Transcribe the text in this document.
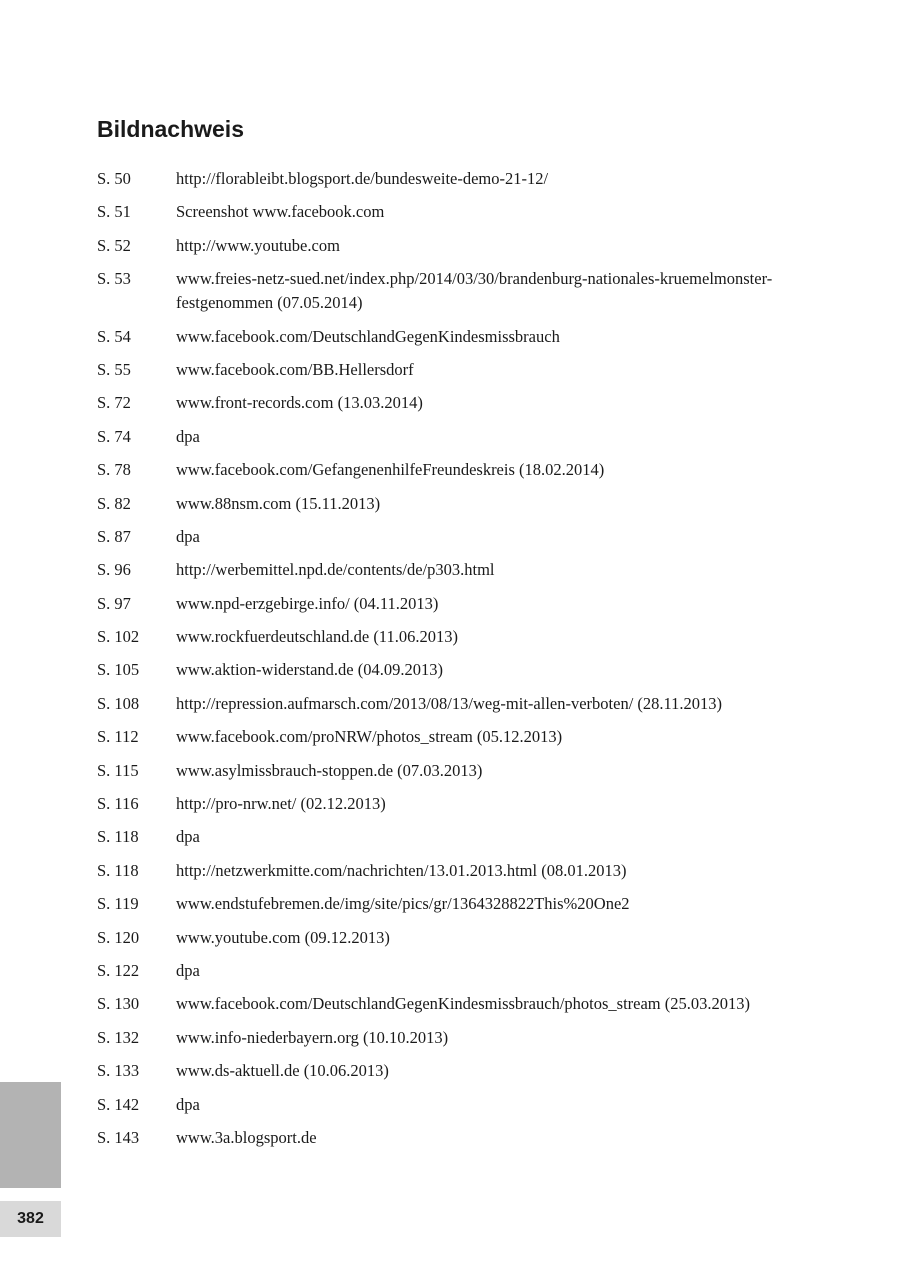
Bildnachweis
S. 50	http://florableibt.blogsport.de/bundesweite-demo-21-12/
S. 51	Screenshot www.facebook.com
S. 52	http://www.youtube.com
S. 53	www.freies-netz-sued.net/index.php/2014/03/30/brandenburg-nationales-kruemelmonster-festgenommen (07.05.2014)
S. 54	www.facebook.com/DeutschlandGegenKindesmissbrauch
S. 55	www.facebook.com/BB.Hellersdorf
S. 72	www.front-records.com (13.03.2014)
S. 74	dpa
S. 78	www.facebook.com/GefangenenhilfeFreundeskreis (18.02.2014)
S. 82	www.88nsm.com (15.11.2013)
S. 87	dpa
S. 96	http://werbemittel.npd.de/contents/de/p303.html
S. 97	www.npd-erzgebirge.info/ (04.11.2013)
S. 102	www.rockfuerdeutschland.de (11.06.2013)
S. 105	www.aktion-widerstand.de (04.09.2013)
S. 108	http://repression.aufmarsch.com/2013/08/13/weg-mit-allen-verboten/ (28.11.2013)
S. 112	www.facebook.com/proNRW/photos_stream (05.12.2013)
S. 115	www.asylmissbrauch-stoppen.de (07.03.2013)
S. 116	http://pro-nrw.net/ (02.12.2013)
S. 118	dpa
S. 118	http://netzwerkmitte.com/nachrichten/13.01.2013.html (08.01.2013)
S. 119	www.endstufebremen.de/img/site/pics/gr/1364328822This%20One2
S. 120	www.youtube.com (09.12.2013)
S. 122	dpa
S. 130	www.facebook.com/DeutschlandGegenKindesmissbrauch/photos_stream (25.03.2013)
S. 132	www.info-niederbayern.org (10.10.2013)
S. 133	www.ds-aktuell.de (10.06.2013)
S. 142	dpa
S. 143	www.3a.blogsport.de
382
